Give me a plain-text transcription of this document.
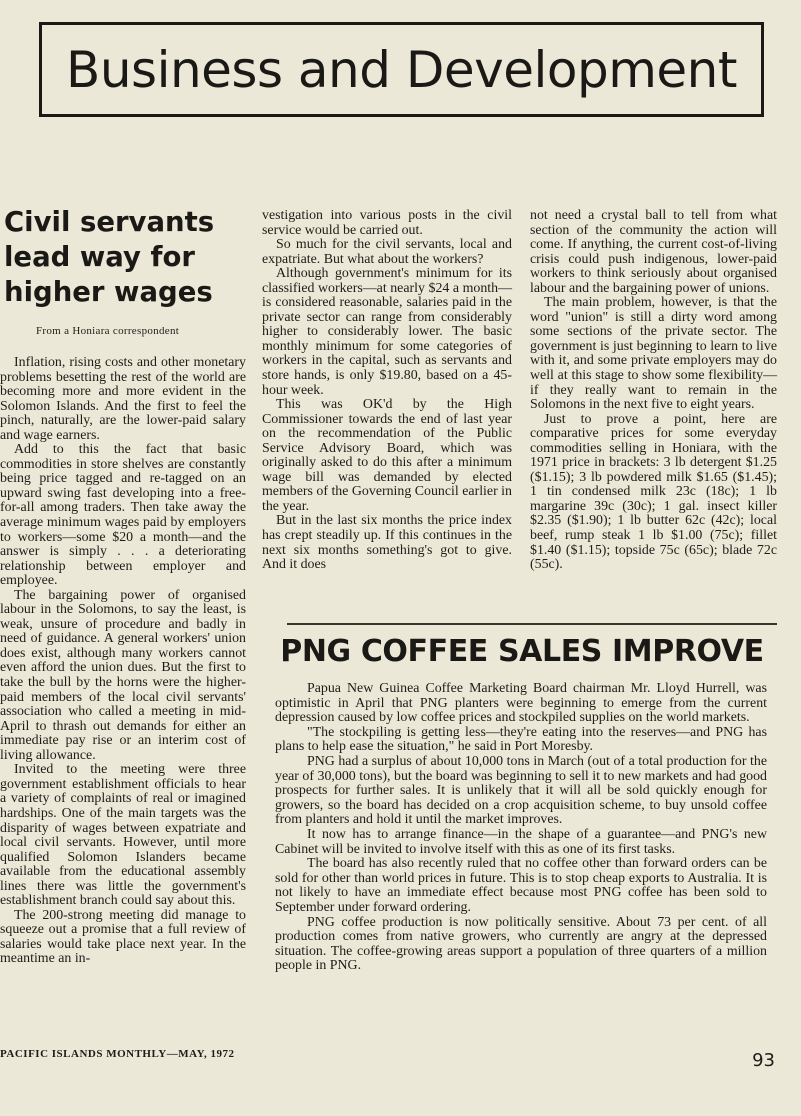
Business and Development
Civil servants lead way for higher wages
From a Honiara correspondent

Inflation, rising costs and other monetary problems besetting the rest of the world are becoming more and more evident in the Solomon Islands. And the first to feel the pinch, naturally, are the lower-paid salary and wage earners.

Add to this the fact that basic commodities in store shelves are constantly being price tagged and re-tagged on an upward swing fast developing into a free-for-all among traders. Then take away the average minimum wages paid by employers to workers—some $20 a month—and the answer is simply . . . a deteriorating relationship between employer and employee.

The bargaining power of organised labour in the Solomons, to say the least, is weak, unsure of procedure and badly in need of guidance. A general workers' union does exist, although many workers cannot even afford the union dues. But the first to take the bull by the horns were the higher-paid members of the local civil servants' association who called a meeting in mid-April to thrash out demands for either an immediate pay rise or an interim cost of living allowance.

Invited to the meeting were three government establishment officials to hear a variety of complaints of real or imagined hardships. One of the main targets was the disparity of wages between expatriate and local civil servants. However, until more qualified Solomon Islanders became available from the educational assembly lines there was little the government's establishment branch could say about this.

The 200-strong meeting did manage to squeeze out a promise that a full review of salaries would take place next year. In the meantime an in-

vestigation into various posts in the civil service would be carried out.

So much for the civil servants, local and expatriate. But what about the workers?

Although government's minimum for its classified workers—at nearly $24 a month—is considered reasonable, salaries paid in the private sector can range from considerably higher to considerably lower. The basic monthly minimum for some categories of workers in the capital, such as servants and store hands, is only $19.80, based on a 45-hour week.

This was OK'd by the High Commissioner towards the end of last year on the recommendation of the Public Service Advisory Board, which was originally asked to do this after a minimum wage bill was demanded by elected members of the Governing Council earlier in the year.

But in the last six months the price index has crept steadily up. If this continues in the next six months something's got to give. And it does

not need a crystal ball to tell from what section of the community the action will come. If anything, the current cost-of-living crisis could push indigenous, lower-paid workers to think seriously about organised labour and the bargaining power of unions.

The main problem, however, is that the word "union" is still a dirty word among some sections of the private sector. The government is just beginning to learn to live with it, and some private employers may do well at this stage to show some flexibility—if they really want to remain in the Solomons in the next five to eight years.

Just to prove a point, here are comparative prices for some everyday commodities selling in Honiara, with the 1971 price in brackets: 3 lb detergent $1.25 ($1.15); 3 lb powdered milk $1.65 ($1.45); 1 tin condensed milk 23c (18c); 1 lb margarine 39c (30c); 1 gal. insect killer $2.35 ($1.90); 1 lb butter 62c (42c); local beef, rump steak 1 lb $1.00 (75c); fillet $1.40 ($1.15); topside 75c (65c); blade 72c (55c).

PNG COFFEE SALES IMPROVE

Papua New Guinea Coffee Marketing Board chairman Mr. Lloyd Hurrell, was optimistic in April that PNG planters were beginning to emerge from the current depression caused by low coffee prices and stockpiled supplies on the world markets.

"The stockpiling is getting less—they're eating into the reserves—and PNG has plans to help ease the situation," he said in Port Moresby.

PNG had a surplus of about 10,000 tons in March (out of a total production for the year of 30,000 tons), but the board was beginning to sell it to new markets and had good prospects for further sales. It is unlikely that it will all be sold quickly enough for growers, so the board has decided on a crop acquisition scheme, to buy unsold coffee from planters and hold it until the market improves.

It now has to arrange finance—in the shape of a guarantee—and PNG's new Cabinet will be invited to involve itself with this as one of its first tasks.

The board has also recently ruled that no coffee other than forward orders can be sold for other than world prices in future. This is to stop cheap exports to Australia. It is not likely to have an immediate effect because most PNG coffee has been sold to September under forward ordering.

PNG coffee production is now politically sensitive. About 73 per cent. of all production comes from native growers, who currently are angry at the depressed situation. The coffee-growing areas support a population of three quarters of a million people in PNG.

PACIFIC ISLANDS MONTHLY—MAY, 1972	93
